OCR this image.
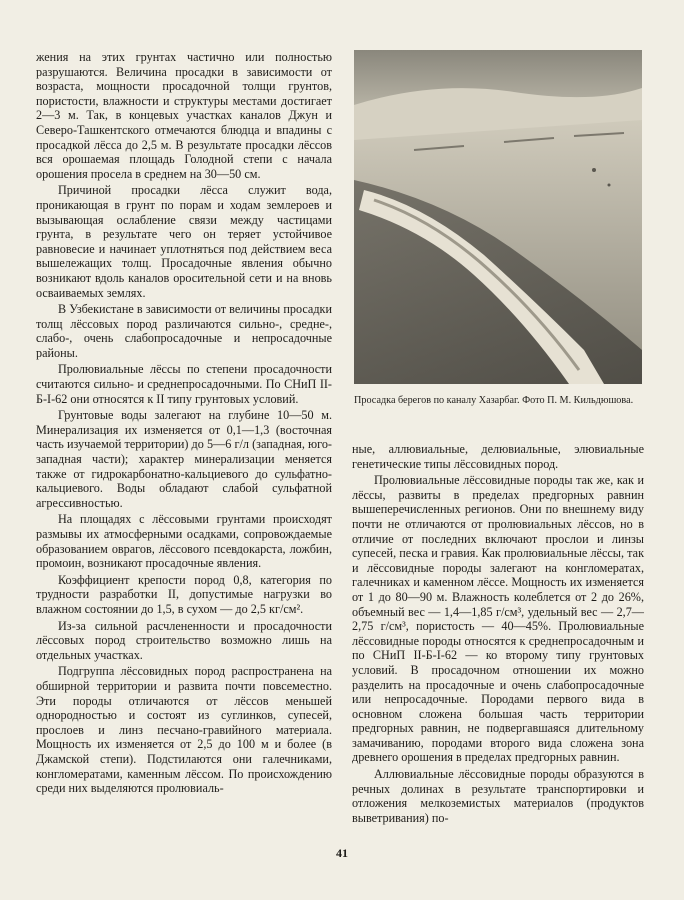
жения на этих грунтах частично или полностью разрушаются. Величина просадки в зависимости от возраста, мощности просадочной толщи грунтов, пористости, влажности и структуры местами достигает 2—3 м. Так, в концевых участках каналов Джун и Северо-Ташкентского отмечаются блюдца и впадины с просадкой лёсса до 2,5 м. В результате просадки лёссов вся орошаемая площадь Голодной степи с начала орошения просела в среднем на 30—50 см.

Причиной просадки лёсса служит вода, проникающая в грунт по порам и ходам землероев и вызывающая ослабление связи между частицами грунта, в результате чего он теряет устойчивое равновесие и начинает уплотняться под действием веса вышележащих толщ. Просадочные явления обычно возникают вдоль каналов оросительной сети и на вновь осваиваемых землях.

В Узбекистане в зависимости от величины просадки толщ лёссовых пород различаются сильно-, средне-, слабо-, очень слабопросадочные и непросадочные районы.

Пролювиальные лёссы по степени просадочности считаются сильно- и среднепросадочными. По СНиП II-Б-I-62 они относятся к II типу грунтовых условий.

Грунтовые воды залегают на глубине 10—50 м. Минерализация их изменяется от 0,1—1,3 (восточная часть изучаемой территории) до 5—6 г/л (западная, юго-западная части); характер минерализации меняется также от гидрокарбонатно-кальциевого до сульфатно-кальциевого. Воды обладают слабой сульфатной агрессивностью.

На площадях с лёссовыми грунтами происходят размывы их атмосферными осадками, сопровождаемые образованием оврагов, лёссового псевдокарста, ложбин, промоин, возникают просадочные явления.

Коэффициент крепости пород 0,8, категория по трудности разработки II, допустимые нагрузки во влажном состоянии до 1,5, в сухом — до 2,5 кг/см².

Из-за сильной расчлененности и просадочности лёссовых пород строительство возможно лишь на отдельных участках.

Подгруппа лёссовидных пород распространена на обширной территории и развита почти повсеместно. Эти породы отличаются от лёссов меньшей однородностью и состоят из суглинков, супесей, прослоев и линз песчано-гравийного материала. Мощность их изменяется от 2,5 до 100 м и более (в Джамской степи). Подстилаются они галечниками, конгломератами, каменным лёссом. По происхождению среди них выделяются пролювиаль-

Просадка берегов по каналу Хазарбаг. Фото П. М. Кильдюшова.

ные, аллювиальные, делювиальные, элювиальные генетические типы лёссовидных пород.

Пролювиальные лёссовидные породы так же, как и лёссы, развиты в пределах предгорных равнин вышеперечисленных регионов. Они по внешнему виду почти не отличаются от пролювиальных лёссов, но в отличие от последних включают прослои и линзы супесей, песка и гравия. Как пролювиальные лёссы, так и лёссовидные породы залегают на конгломератах, галечниках и каменном лёссе. Мощность их изменяется от 1 до 80—90 м. Влажность колеблется от 2 до 26%, объемный вес — 1,4—1,85 г/см³, удельный вес — 2,7—2,75 г/см³, пористость — 40—45%. Пролювиальные лёссовидные породы относятся к среднепросадочным и по СНиП II-Б-I-62 — ко второму типу грунтовых условий. В просадочном отношении их можно разделить на просадочные и очень слабопросадочные или непросадочные. Породами первого вида в основном сложена большая часть территории предгорных равнин, не подвергавшаяся длительному замачиванию, породами второго вида сложена зона древнего орошения в пределах предгорных равнин.

Аллювиальные лёссовидные породы образуются в речных долинах в результате транспортировки и отложения мелкоземистых материалов (продуктов выветривания) по-

41
